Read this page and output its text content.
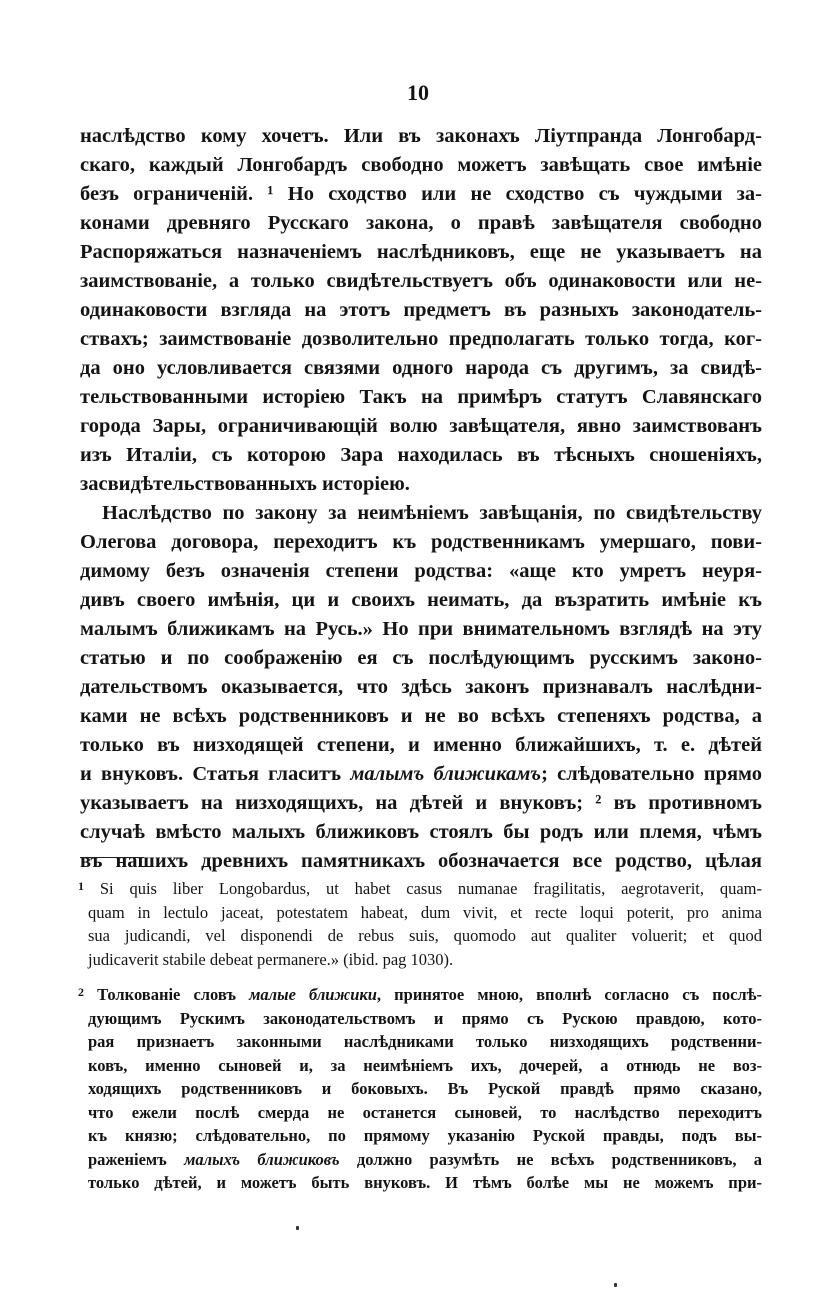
10
наслѣдство кому хочетъ. Или въ законахъ Ліутпранда Лонгобард-
скаго, каждый Лонгобардъ свободно можетъ завѣщать свое имѣніе
безъ ограниченій. ¹ Но сходство или не сходство съ чуждыми за-
конами древняго Русскаго закона, о правѣ завѣщателя свободно
Распоряжаться назначеніемъ наслѣдниковъ, еще не указываетъ на
заимствованіе, а только свидѣтельствуетъ объ одинаковости или не-
одинаковости взгляда на этотъ предметъ въ разныхъ законодатель-
ствахъ; заимствованіе дозволительно предполагать только тогда, ког-
да оно условливается связями одного народа съ другимъ, за свидѣ-
тельствованными исторіею Такъ на примѣръ статутъ Славянскаго
города Зары, ограничивающій волю завѣщателя, явно заимствованъ
изъ Италіи, съ которою Зара находилась въ тѣсныхъ сношеніяхъ,
засвидѣтельствованныхъ исторіею.
Наслѣдство по закону за неимѣніемъ завѣщанія, по свидѣтельству
Олегова договора, переходитъ къ родственникамъ умершаго, пови-
димому безъ означенія степени родства: «аще кто умретъ неуря-
дивъ своего имѣнія, ци и своихъ неимать, да възратить имѣніе къ
малымъ ближикамъ на Русь.» Но при внимательномъ взглядѣ на эту
статью и по соображенію ея съ послѣдующимъ русскимъ законо-
дательствомъ оказывается, что здѣсь законъ признавалъ наслѣдни-
ками не всѣхъ родственниковъ и не во всѣхъ степеняхъ родства, а
только въ низходящей степени, и именно ближайшихъ, т. е. дѣтей
и внуковъ. Статья гласитъ малымъ ближикамъ; слѣдовательно прямо
указываетъ на низходящихъ, на дѣтей и внуковъ; ² въ противномъ
случаѣ вмѣсто малыхъ ближиковъ стоялъ бы родъ или племя, чѣмъ
въ нашихъ древнихъ памятникахъ обозначается все родство, цѣлая
$^1$ Si quis liber Longobardus, ut habet casus numanae fragilitatis, aegrotaverit, quam-
quam in lectulo jaceat, potestatem habeat, dum vivit, et recte loqui poterit, pro anima
sua judicandi, vel disponendi de rebus suis, quomodo aut qualiter voluerit; et quod
judicaverit stabile debeat permanere.» (ibid. pag 1030).
$^2$ Толкованіе словъ малые ближики, принятое мною, вполнѣ согласно съ послѣ-
дующимъ Рускимъ законодательствомъ и прямо съ Рускою правдою, кото-
рая признаетъ законными наслѣдниками только низходящихъ родственни-
ковъ, именно сыновей и, за неимѣніемъ ихъ, дочерей, а отнюдь не воз-
ходящихъ родственниковъ и боковыхъ. Въ Руской правдѣ прямо сказано,
что ежели послѣ смерда не останется сыновей, то наслѣдство переходитъ
къ князю; слѣдовательно, по прямому указанію Руской правды, подъ вы-
раженіемъ малыхъ ближиковъ должно разумѣть не всѣхъ родственниковъ, а
только дѣтей, и можетъ быть внуковъ. И тѣмъ болѣе мы не можемъ при-
